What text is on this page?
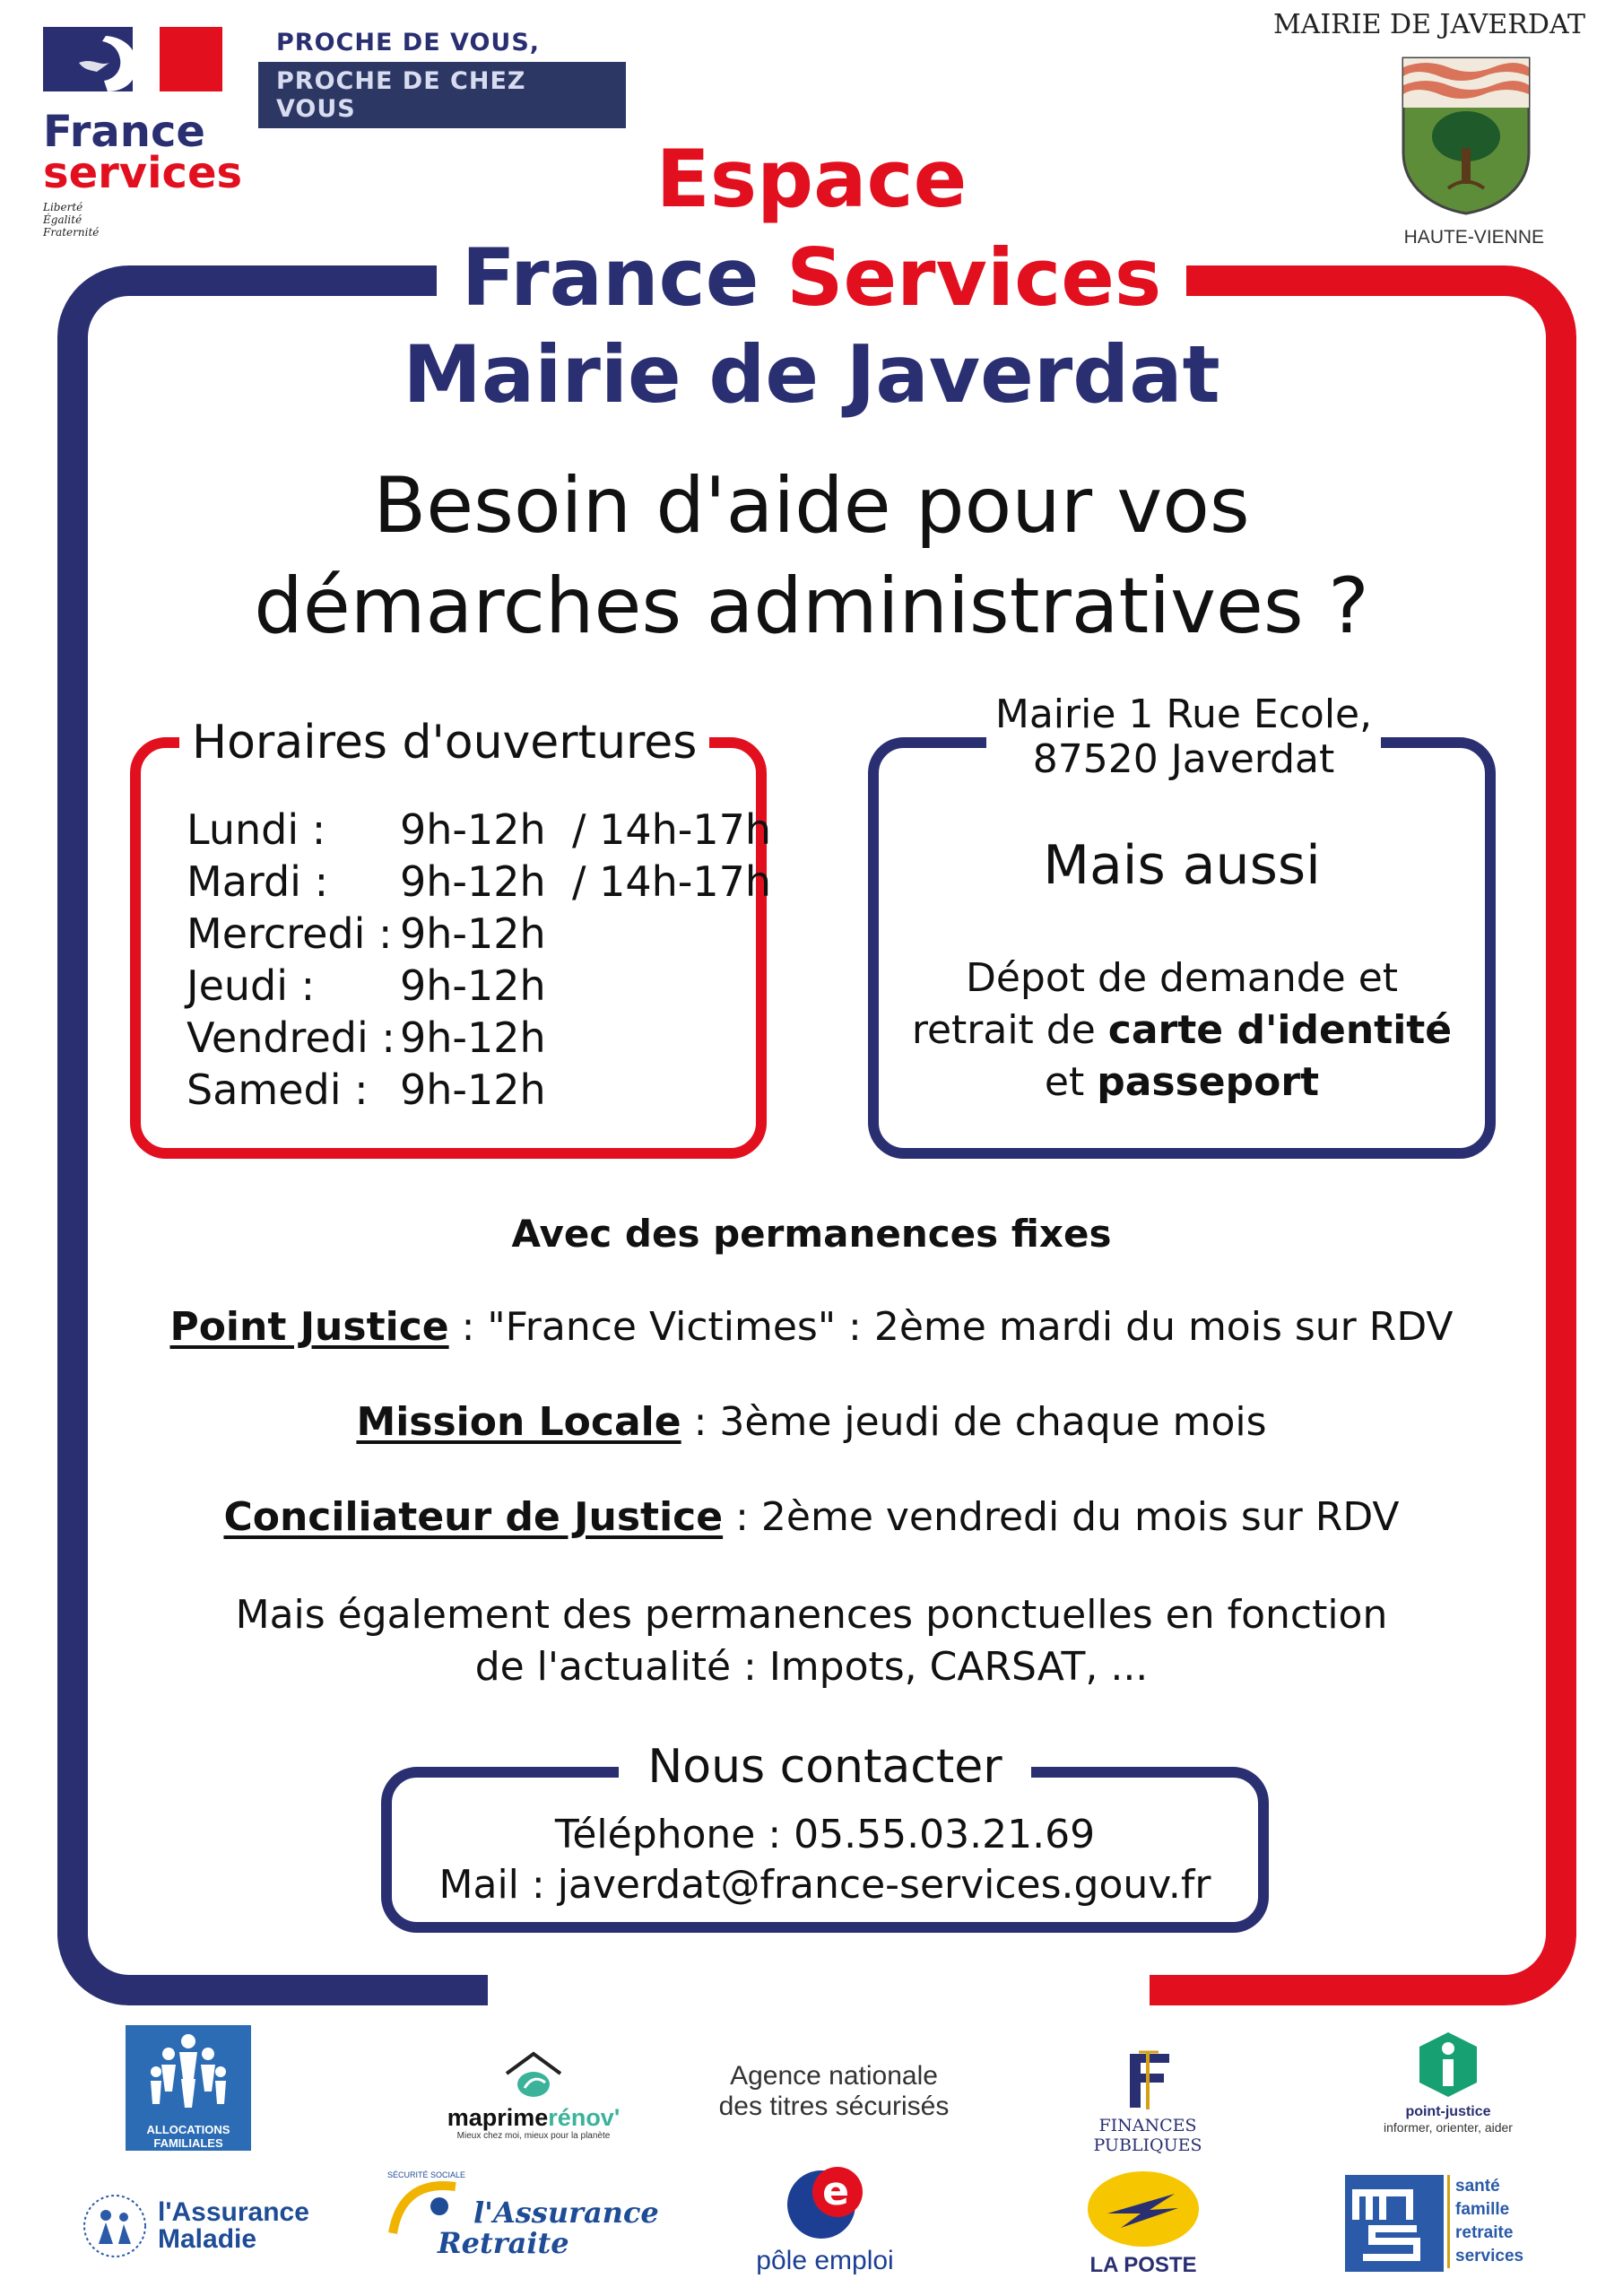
France
services
Liberté
Égalité
Fraternité
PROCHE DE VOUS,
PROCHE DE CHEZ VOUS
MAIRIE DE JAVERDAT
HAUTE-VIENNE
Espace
France Services
Mairie de Javerdat
Besoin d'aide pour vos
démarches administratives ?
Horaires d'ouvertures
Lundi : 9h-12h  / 14h-17h
Mardi : 9h-12h  / 14h-17h
Mercredi : 9h-12h
Jeudi : 9h-12h
Vendredi : 9h-12h
Samedi : 9h-12h
Mairie 1 Rue Ecole,
87520 Javerdat
Mais aussi
Dépot de demande et
retrait de carte d'identité
et passeport
Avec des permanences fixes
Point Justice : "France Victimes" : 2ème mardi du mois sur RDV
Mission Locale : 3ème jeudi de chaque mois
Conciliateur de Justice : 2ème vendredi du mois sur RDV
Mais également des permanences ponctuelles en fonction
de l'actualité : Impots, CARSAT, ...
Nous contacter
Téléphone : 05.55.03.21.69
Mail : javerdat@france-services.gouv.fr
ALLOCATIONS FAMILIALES
maprimerénov'
Mieux chez moi, mieux pour la planète
Agence nationale
des titres sécurisés
FINANCES PUBLIQUES
point-justice
informer, orienter, aider
l'Assurance
Maladie
SÉCURITÉ SOCIALE
l'Assurance
Retraite
e
pôle emploi	LA POSTE
santé
famille
retraite
services
